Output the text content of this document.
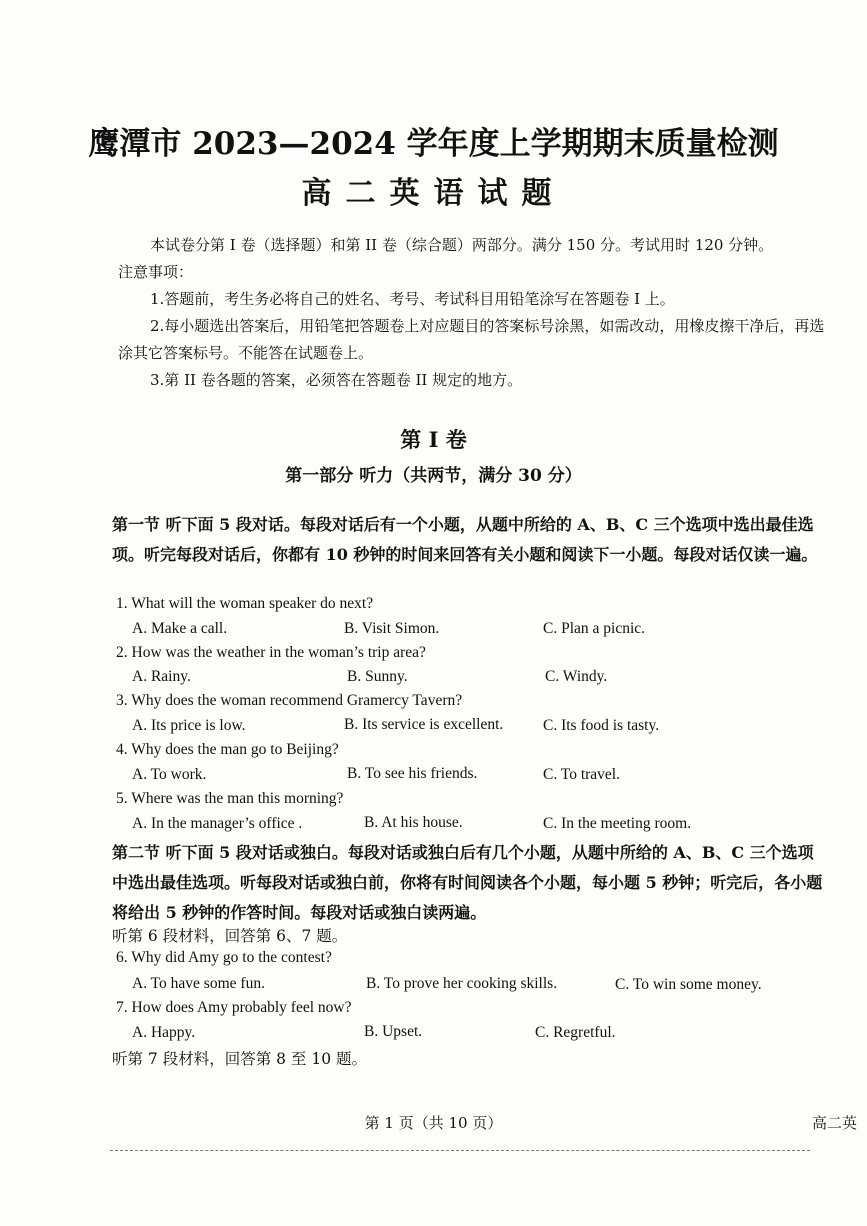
鹰潭市 2023—2024 学年度上学期期末质量检测
高二英语试题

本试卷分第 I 卷（选择题）和第 II 卷（综合题）两部分。满分 150 分。考试用时 120 分钟。

注意事项：

1.答题前，考生务必将自己的姓名、考号、考试科目用铅笔涂写在答题卷 I 上。

2.每小题选出答案后，用铅笔把答题卷上对应题目的答案标号涂黑，如需改动，用橡皮擦干净后，再选涂其它答案标号。不能答在试题卷上。

3.第 II 卷各题的答案，必须答在答题卷 II 规定的地方。

第 I 卷
第一部分 听力（共两节，满分 30 分）
第一节 听下面 5 段对话。每段对话后有一个小题，从题中所给的 A、B、C 三个选项中选出最佳选项。听完每段对话后，你都有 10 秒钟的时间来回答有关小题和阅读下一小题。每段对话仅读一遍。
1. What will the woman speaker do next?
A. Make a call.	B. Visit Simon.	C. Plan a picnic.
2. How was the weather in the woman’s trip area?
A. Rainy.	B. Sunny.	C. Windy.
3. Why does the woman recommend Gramercy Tavern?
A. Its price is low.	B. Its service is excellent.	C. Its food is tasty.
4. Why does the man go to Beijing?
A. To work.	B. To see his friends.	C. To travel.
5. Where was the man this morning?
A. In the manager’s office .	B. At his house.	C. In the meeting room.
第二节 听下面 5 段对话或独白。每段对话或独白后有几个小题，从题中所给的 A、B、C 三个选项中选出最佳选项。听每段对话或独白前，你将有时间阅读各个小题，每小题 5 秒钟；听完后，各小题将给出 5 秒钟的作答时间。每段对话或独白读两遍。
听第 6 段材料，回答第 6、7 题。
6. Why did Amy go to the contest?
A. To have some fun.	B. To prove her cooking skills.	C. To win some money.
7. How does Amy probably feel now?
A. Happy.	B. Upset.	C. Regretful.
听第 7 段材料，回答第 8 至 10 题。
第 1 页（共 10 页）	高二英
